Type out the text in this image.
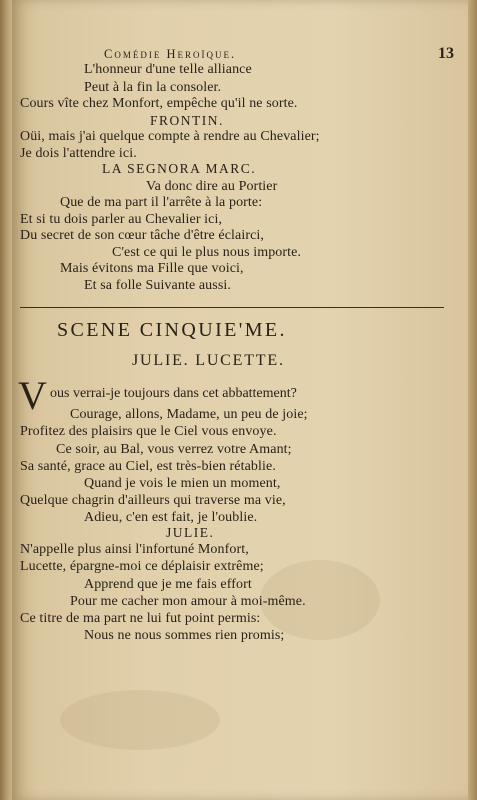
Comédie Heroïque.	13
L'honneur d'une telle alliance
Peut à la fin la consoler.
Cours vîte chez Monfort, empêche qu'il ne sorte.
FRONTIN.
Oüi, mais j'ai quelque compte à rendre au Chevalier;
Je dois l'attendre ici.
LA SEGNORA MARC.
Va donc dire au Portier
Que de ma part il l'arrête à la porte:
Et si tu dois parler au Chevalier ici,
Du secret de son cœur tâche d'être éclairci,
C'est ce qui le plus nous importe.
Mais évitons ma Fille que voici,
Et sa folle Suivante aussi.
SCENE CINQUIE'ME.
JULIE. LUCETTE.
V ous verrai-je toujours dans cet abbattement?
Courage, allons, Madame, un peu de joie;
Profitez des plaisirs que le Ciel vous envoye.
Ce soir, au Bal, vous verrez votre Amant;
Sa santé, grace au Ciel, est très-bien rétablie.
Quand je vois le mien un moment,
Quelque chagrin d'ailleurs qui traverse ma vie,
Adieu, c'en est fait, je l'oublie.
JULIE.
N'appelle plus ainsi l'infortuné Monfort,
Lucette, épargne-moi ce déplaisir extrême;
Apprend que je me fais effort
Pour me cacher mon amour à moi-même.
Ce titre de ma part ne lui fut point permis:
Nous ne nous sommes rien promis;
